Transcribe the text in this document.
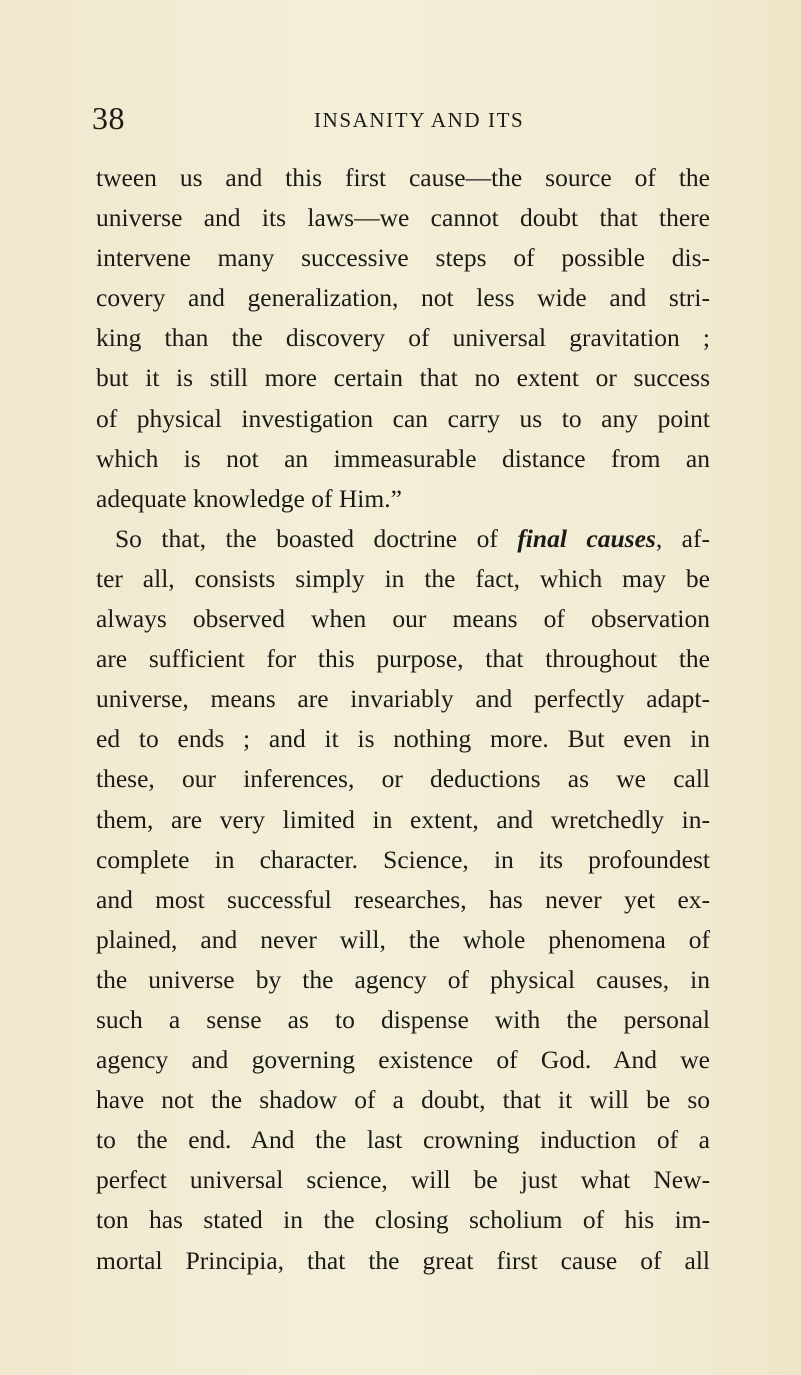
38	INSANITY AND ITS
tween us and this first cause—the source of the
universe and its laws—we cannot doubt that there
intervene many successive steps of possible dis-
covery and generalization, not less wide and stri-
king than the discovery of universal gravitation ;
but it is still more certain that no extent or success
of physical investigation can carry us to any point
which is not an immeasurable distance from an
adequate knowledge of Him.”
So that, the boasted doctrine of final causes, af-
ter all, consists simply in the fact, which may be
always observed when our means of observation
are sufficient for this purpose, that throughout the
universe, means are invariably and perfectly adapt-
ed to ends ; and it is nothing more. But even in
these, our inferences, or deductions as we call
them, are very limited in extent, and wretchedly in-
complete in character. Science, in its profoundest
and most successful researches, has never yet ex-
plained, and never will, the whole phenomena of
the universe by the agency of physical causes, in
such a sense as to dispense with the personal
agency and governing existence of God. And we
have not the shadow of a doubt, that it will be so
to the end. And the last crowning induction of a
perfect universal science, will be just what New-
ton has stated in the closing scholium of his im-
mortal Principia, that the great first cause of all
